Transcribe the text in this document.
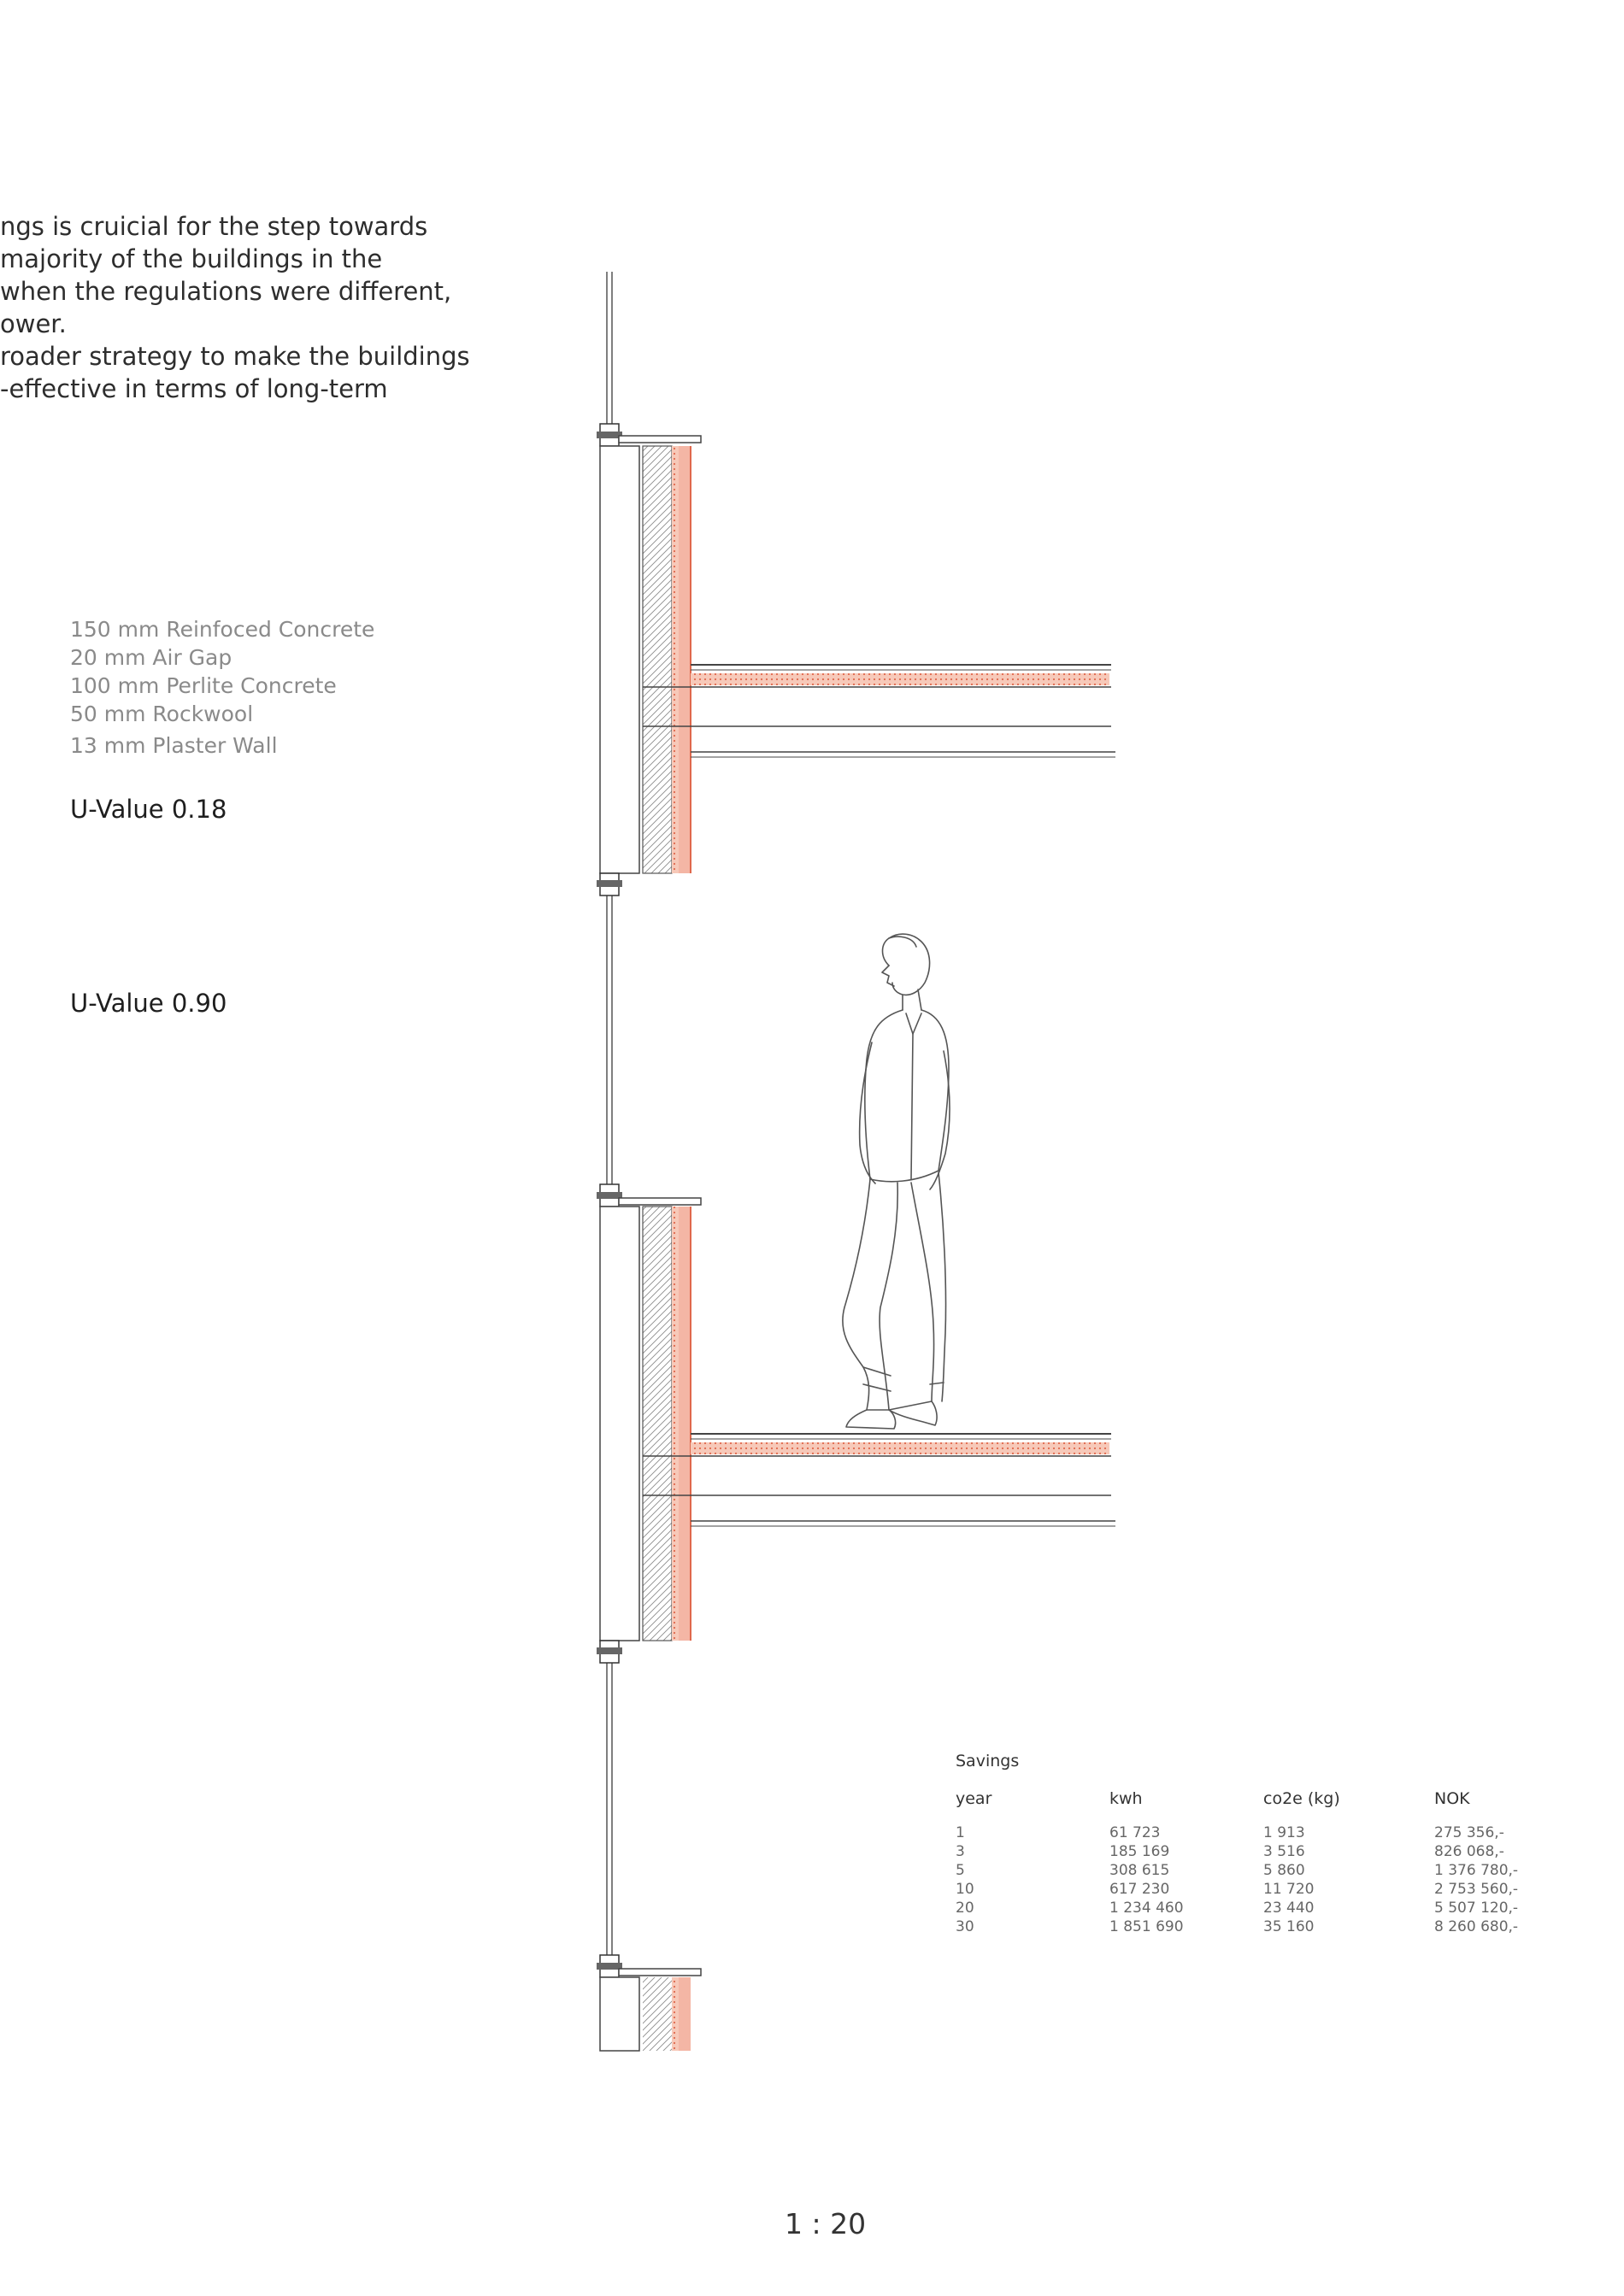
ngs is cruicial for the step towards
majority of the buildings in the
when the regulations were different,
ower.
roader strategy to make the buildings
-effective in terms of long-term
150 mm Reinfoced Concrete
20 mm Air Gap
100 mm Perlite Concrete
50 mm Rockwool
13 mm Plaster Wall
U-Value 0.18
U-Value 0.90
Savings
year	kwh	co2e (kg)	NOK
1	61 723	1 913	275 356,-
3	185 169	3 516	826 068,-
5	308 615	5 860	1 376 780,-
10	617 230	11 720	2 753 560,-
20	1 234 460	23 440	5 507 120,-
30	1 851 690	35 160	8 260 680,-
1 : 20
